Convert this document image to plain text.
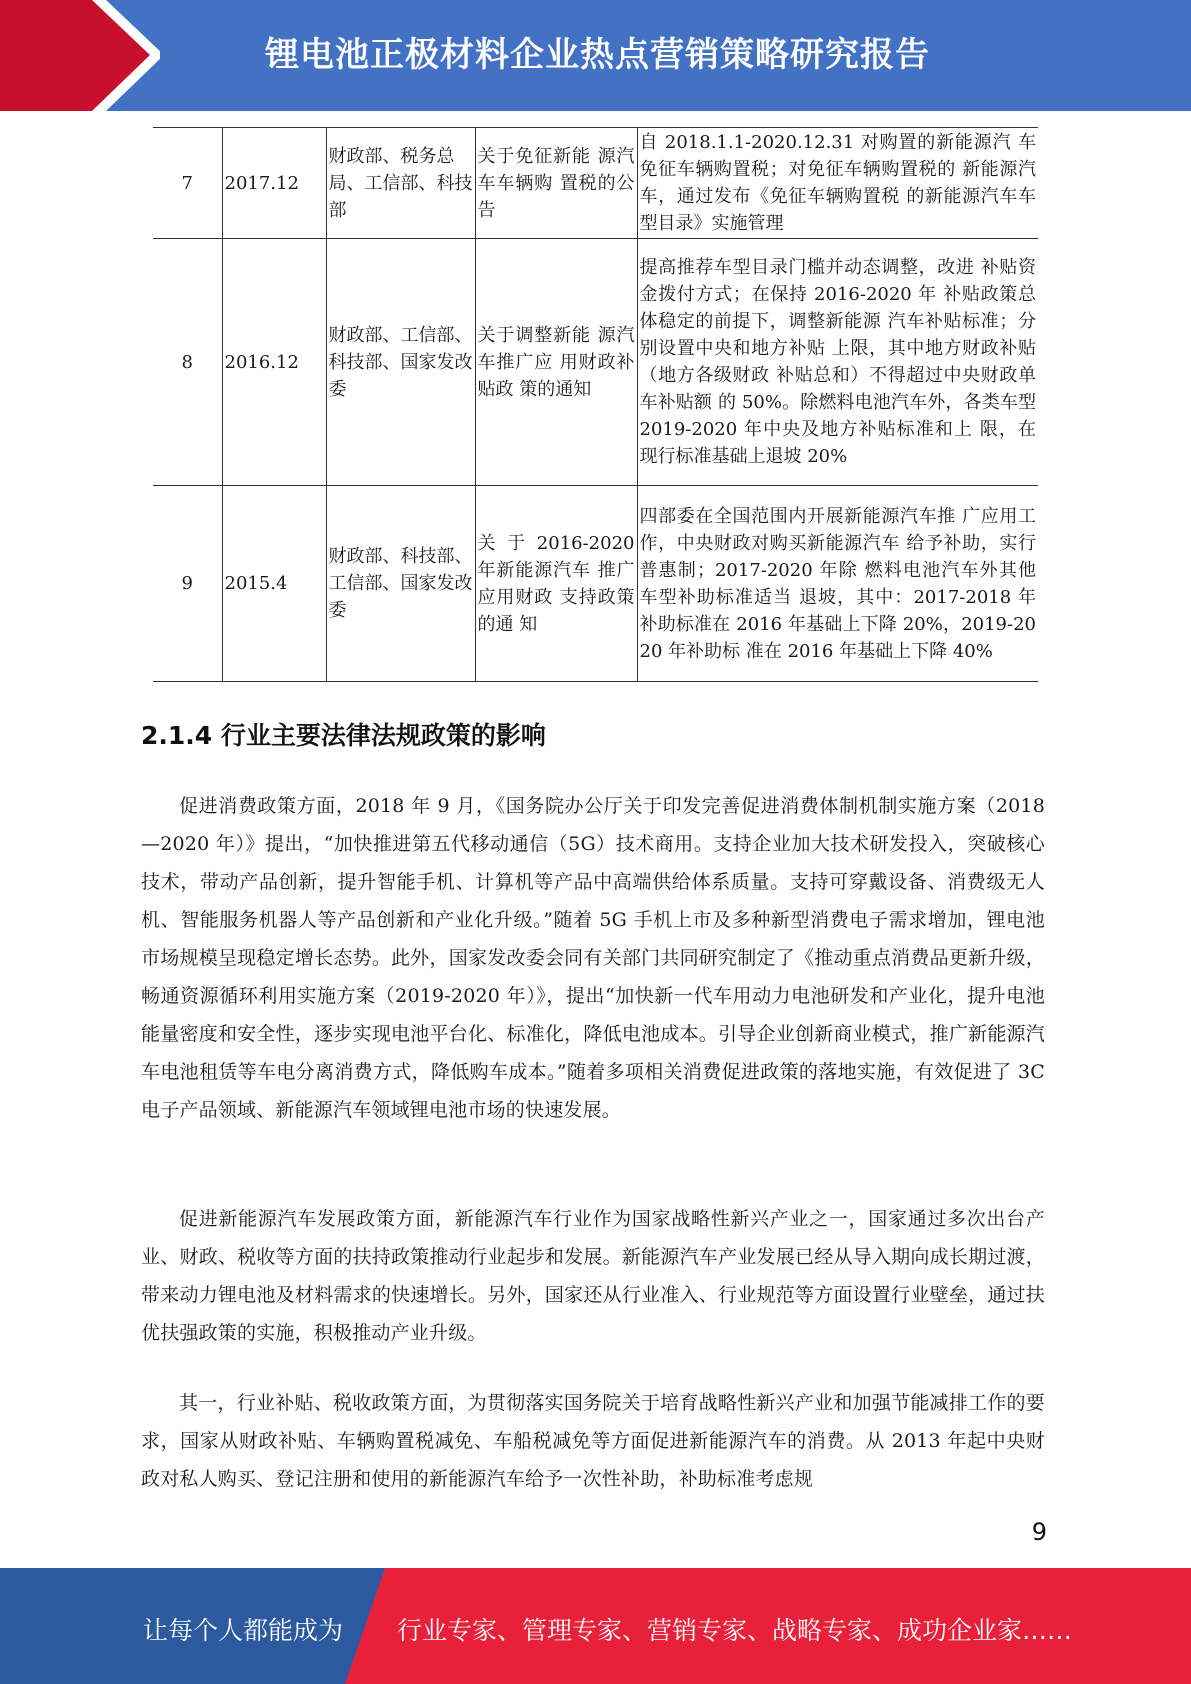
锂电池正极材料企业热点营销策略研究报告
7	2017.12	财政部、税务总局、工信部、科技部	关于免征新能 源汽车车辆购 置税的公告	自 2018.1.1-2020.12.31 对购置的新能源汽 车免征车辆购置税；对免征车辆购置税的 新能源汽车，通过发布《免征车辆购置税 的新能源汽车车型目录》实施管理
8	2016.12	财政部、工信部、科技部、国家发改委	关于调整新能 源汽车推广应 用财政补贴政 策的通知	提高推荐车型目录门槛并动态调整，改进 补贴资金拨付方式；在保持 2016-2020 年 补贴政策总体稳定的前提下，调整新能源 汽车补贴标准；分别设置中央和地方补贴 上限，其中地方财政补贴（地方各级财政 补贴总和）不得超过中央财政单车补贴额 的 50%。除燃料电池汽车外，各类车型 2019-2020 年中央及地方补贴标准和上 限，在现行标准基础上退坡 20%
9	2015.4	财政部、科技部、工信部、国家发改委	关 于 2016-2020 年新能源汽车 推广应用财政 支持政策的通 知	四部委在全国范围内开展新能源汽车推 广应用工作，中央财政对购买新能源汽车 给予补助，实行普惠制；2017-2020 年除 燃料电池汽车外其他车型补助标准适当 退坡，其中：2017-2018 年补助标准在 2016 年基础上下降 20%，2019-2020 年补助标 准在 2016 年基础上下降 40%
2.1.4 行业主要法律法规政策的影响

促进消费政策方面，2018 年 9 月，《国务院办公厅关于印发完善促进消费体制机制实施方案（2018—2020 年）》提出，“加快推进第五代移动通信（5G）技术商用。支持企业加大技术研发投入，突破核心技术，带动产品创新，提升智能手机、计算机等产品中高端供给体系质量。支持可穿戴设备、消费级无人机、智能服务机器人等产品创新和产业化升级。”随着 5G 手机上市及多种新型消费电子需求增加，锂电池市场规模呈现稳定增长态势。此外，国家发改委会同有关部门共同研究制定了《推动重点消费品更新升级，畅通资源循环利用实施方案（2019-2020 年）》，提出“加快新一代车用动力电池研发和产业化，提升电池能量密度和安全性，逐步实现电池平台化、标准化，降低电池成本。引导企业创新商业模式，推广新能源汽车电池租赁等车电分离消费方式，降低购车成本。”随着多项相关消费促进政策的落地实施，有效促进了 3C 电子产品领域、新能源汽车领域锂电池市场的快速发展。

促进新能源汽车发展政策方面，新能源汽车行业作为国家战略性新兴产业之一，国家通过多次出台产业、财政、税收等方面的扶持政策推动行业起步和发展。新能源汽车产业发展已经从导入期向成长期过渡，带来动力锂电池及材料需求的快速增长。另外，国家还从行业准入、行业规范等方面设置行业壁垒，通过扶优扶强政策的实施，积极推动产业升级。

其一，行业补贴、税收政策方面，为贯彻落实国务院关于培育战略性新兴产业和加强节能减排工作的要求，国家从财政补贴、车辆购置税减免、车船税减免等方面促进新能源汽车的消费。从 2013 年起中央财政对私人购买、登记注册和使用的新能源汽车给予一次性补助，补助标准考虑规

9
让每个人都能成为 行业专家、管理专家、营销专家、战略专家、成功企业家……
